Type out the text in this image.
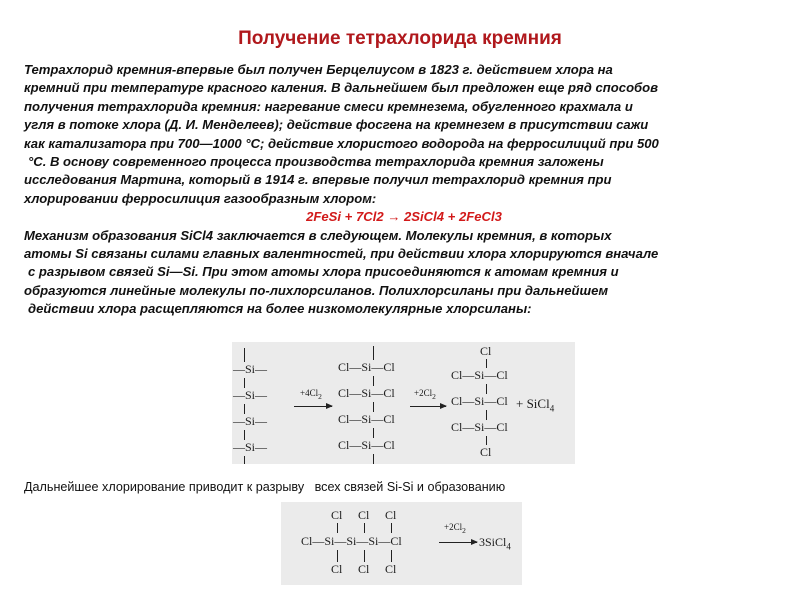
Получение тетрахлорида кремния
Тетрахлорид кремния-впервые был получен Берцелиусом в 1823 г. действием хлора на
кремний при температуре красного каления. В дальнейшем был предложен еще ряд способов
получения тетрахлорида кремния: нагревание смеси кремнезема, обугленного крахмала и
угля в потоке хлора (Д. И. Менделеев); действие фосгена на кремнезем в присутствии сажи
как катализатора при 700—1000 °С; действие хлористого водорода на ферросилиций при 500
°С. В основу современного процесса производства тетрахлорида кремния заложены
исследования Мартина, который в 1914 г. впервые получил тетрахлорид кремния при
хлорировании ферросилиция газообразным хлором:
2FeSi + 7Cl2 → 2SiCl4 + 2FeCl3
Механизм образования SiCl4 заключается в следующем. Молекулы кремния, в которых
атомы Si связаны силами главных валентностей, при действии хлора хлорируются вначале
с разрывом связей Si—Si. При этом атомы хлора присоединяются к атомам кремния и
образуются линейные молекулы по-лихлорсиланов. Полихлорсиланы при дальнейшем
действии хлора расщепляются на более низкомолекулярные хлорсиланы:
—Si—
—Si—
—Si—
—Si—
$+4Cl_2$
Cl—Si—Cl
Cl—Si—Cl
Cl—Si—Cl
Cl—Si—Cl
$+2Cl_2$
Cl
Cl—Si—Cl
Cl—Si—Cl
Cl—Si—Cl
Cl
+ SiCl$_4$
Дальнейшее хлорирование приводит к разрыву   всех связей Si-Si и образованию
Cl Cl Cl
Cl—Si—Si—Si—Cl
Cl Cl Cl
$+2Cl_2$
→ 3SiCl$_4$
